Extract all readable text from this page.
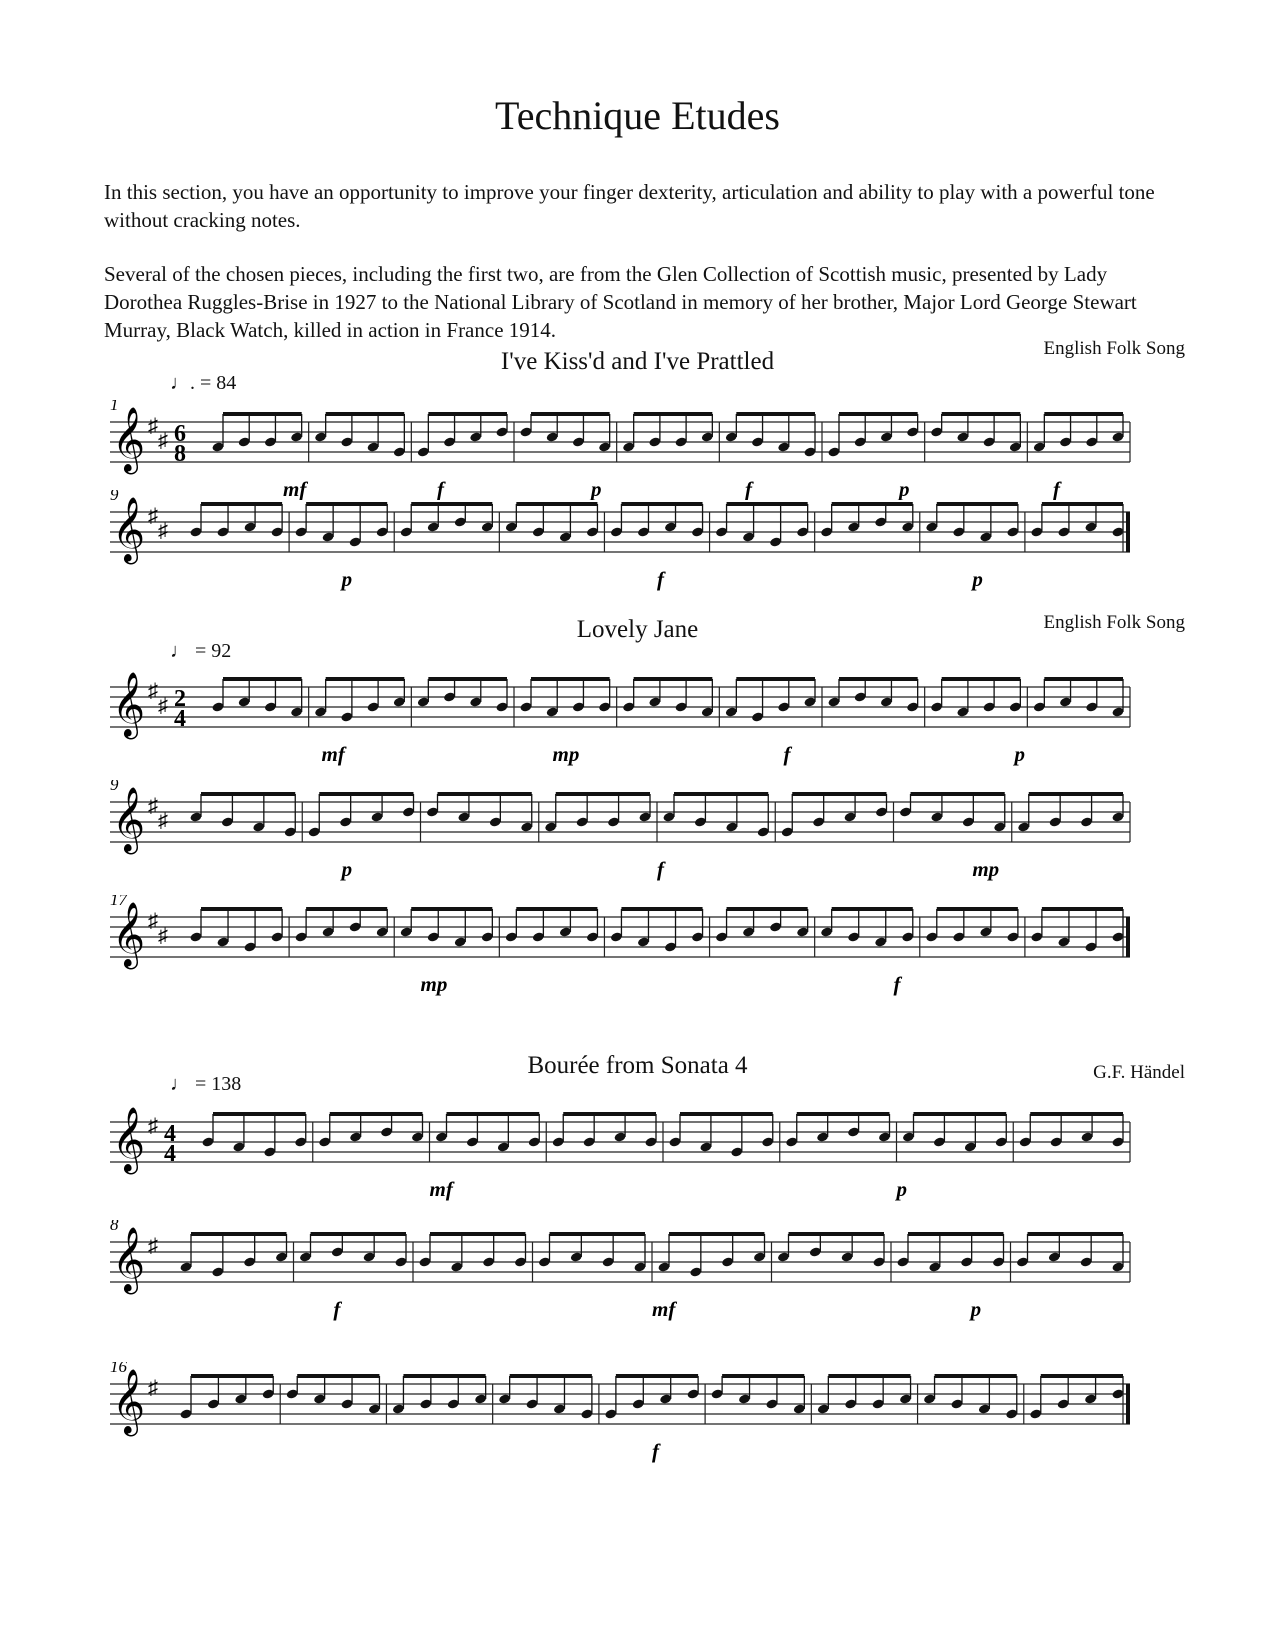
Technique Etudes
In this section, you have an opportunity to improve your finger dexterity, articulation and ability to play with a powerful tone without cracking notes.
Several of the chosen pieces, including the first two, are from the Glen Collection of Scottish music, presented by Lady Dorothea Ruggles-Brise in 1927 to the National Library of Scotland in memory of her brother, Major Lord George Stewart Murray, Black Watch, killed in action in France 1914.
♩. = 84
I've Kiss'd and I've Prattled	English Folk Song
1
𝄞 ♯
♯ 6
8
mf	f	p	f	p	f
9
𝄞 ♯
♯
p	f	p
♩ = 92
Lovely Jane	English Folk Song
𝄞 ♯
♯ 2
4
mf	mp	f	p
9
𝄞 ♯
♯
p	f	mp
17
𝄞 ♯
♯
mp	f
♩ = 138
Bourée from Sonata 4	G.F. Händel
𝄞 ♯ 4
4
mf	p
8
𝄞 ♯
f	mf	p
16
𝄞 ♯
f
